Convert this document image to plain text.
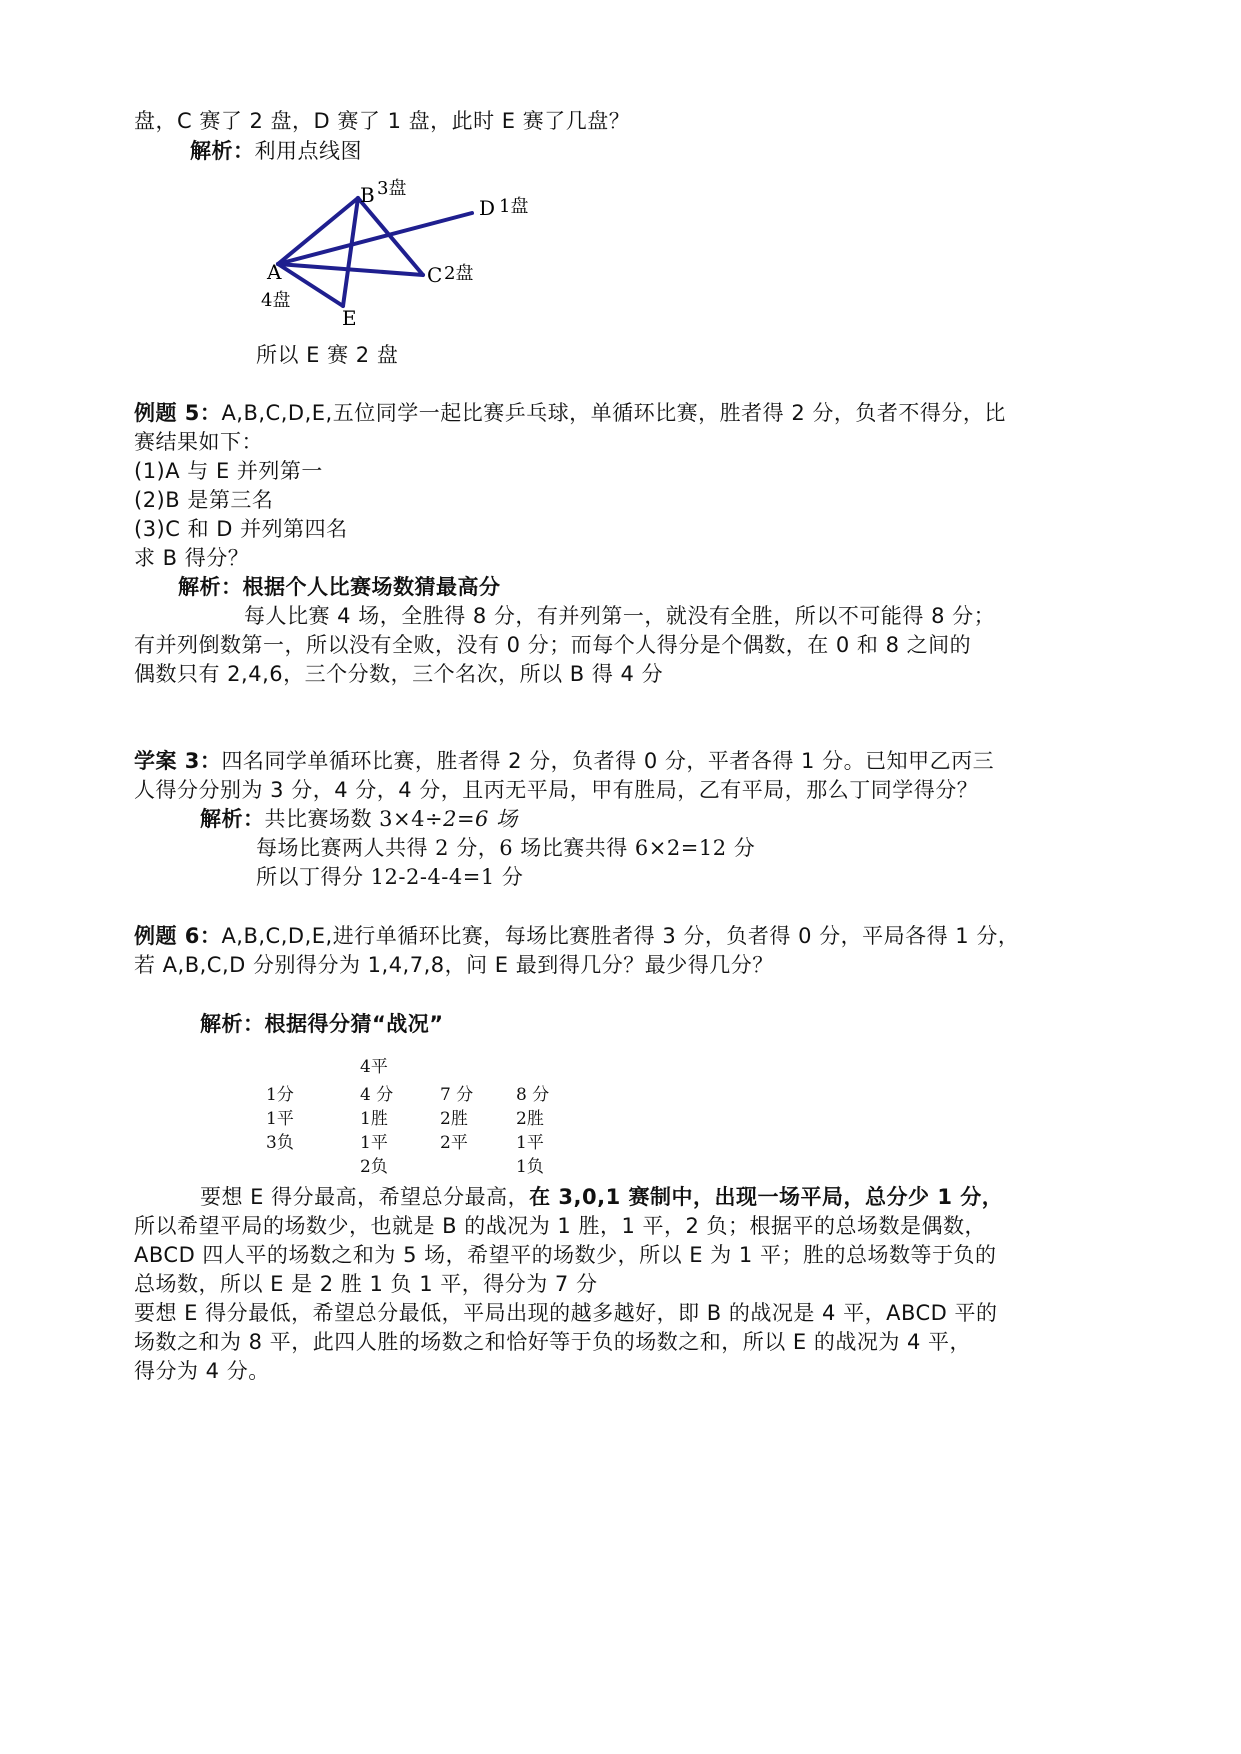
盘，C 赛了 2 盘，D 赛了 1 盘，此时 E 赛了几盘？
解析：利用点线图
B 3盘
D 1盘
A	C 2盘
4盘
E
所以 E 赛 2 盘
例题 5：A,B,C,D,E,五位同学一起比赛乒乓球，单循环比赛，胜者得 2 分，负者不得分，比
赛结果如下：
(1)A 与 E 并列第一
(2)B 是第三名
(3)C 和 D 并列第四名
求 B 得分？
解析：根据个人比赛场数猜最高分
每人比赛 4 场，全胜得 8 分，有并列第一，就没有全胜，所以不可能得 8 分；
有并列倒数第一，所以没有全败，没有 0 分；而每个人得分是个偶数，在 0 和 8 之间的
偶数只有 2,4,6，三个分数，三个名次，所以 B 得 4 分
学案 3：四名同学单循环比赛，胜者得 2 分，负者得 0 分，平者各得 1 分。已知甲乙丙三
人得分分别为 3 分，4 分，4 分，且丙无平局，甲有胜局，乙有平局，那么丁同学得分？
解析：共比赛场数 3×4÷2=6 场
每场比赛两人共得 2 分，6 场比赛共得 6×2=12 分
所以丁得分 12-2-4-4=1 分
例题 6：A,B,C,D,E,进行单循环比赛，每场比赛胜者得 3 分，负者得 0 分，平局各得 1 分，
若 A,B,C,D 分别得分为 1,4,7,8，问 E 最到得几分？最少得几分？
解析：根据得分猜“战况”
1分
1平
3负
4平
4 分
1胜
1平
2负
7 分
2胜
2平
8 分
2胜
1平
1负
要想 E 得分最高，希望总分最高，在 3,0,1 赛制中，出现一场平局，总分少 1 分，
所以希望平局的场数少，也就是 B 的战况为 1 胜，1 平，2 负；根据平的总场数是偶数，
ABCD 四人平的场数之和为 5 场，希望平的场数少，所以 E 为 1 平；胜的总场数等于负的
总场数，所以 E 是 2 胜 1 负 1 平，得分为 7 分
要想 E 得分最低，希望总分最低，平局出现的越多越好，即 B 的战况是 4 平，ABCD 平的
场数之和为 8 平，此四人胜的场数之和恰好等于负的场数之和，所以 E 的战况为 4 平，
得分为 4 分。
